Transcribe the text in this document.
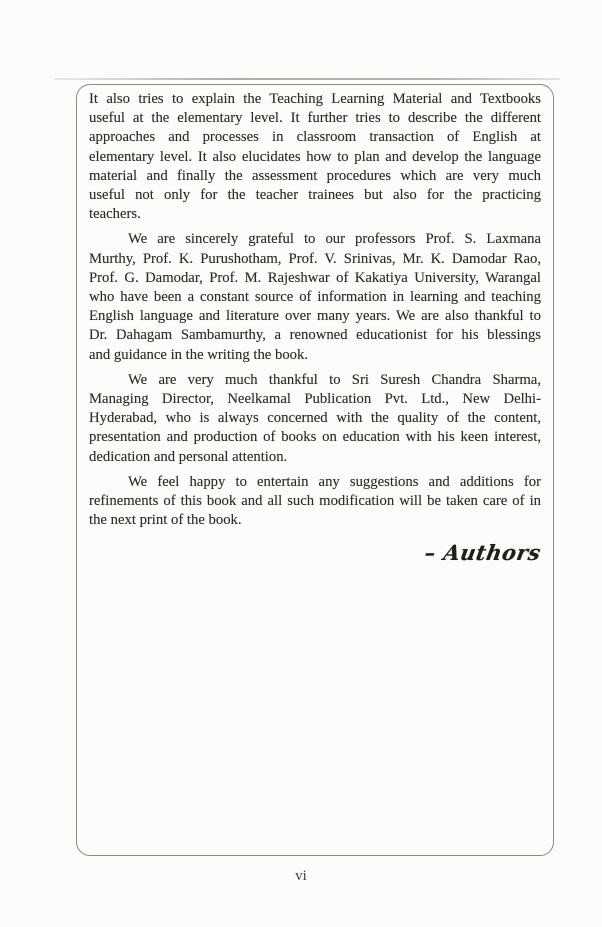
It also tries to explain the Teaching Learning Material and Textbooks
useful at the elementary level. It further tries to describe the different
approaches and processes in classroom transaction of English at
elementary level. It also elucidates how to plan and develop the language
material and finally the assessment procedures which are very much
useful not only for the teacher trainees but also for the practicing
teachers.

We are sincerely grateful to our professors Prof. S. Laxmana
Murthy, Prof. K. Purushotham, Prof. V. Srinivas, Mr. K. Damodar Rao,
Prof. G. Damodar, Prof. M. Rajeshwar of Kakatiya University, Warangal
who have been a constant source of information in learning and teaching
English language and literature over many years. We are also thankful to
Dr. Dahagam Sambamurthy, a renowned educationist for his blessings
and guidance in the writing the book.

We are very much thankful to Sri Suresh Chandra Sharma,
Managing Director, Neelkamal Publication Pvt. Ltd., New Delhi-
Hyderabad, who is always concerned with the quality of the content,
presentation and production of books on education with his keen interest,
dedication and personal attention.

We feel happy to entertain any suggestions and additions for
refinements of this book and all such modification will be taken care of in
the next print of the book.

– Authors
vi
